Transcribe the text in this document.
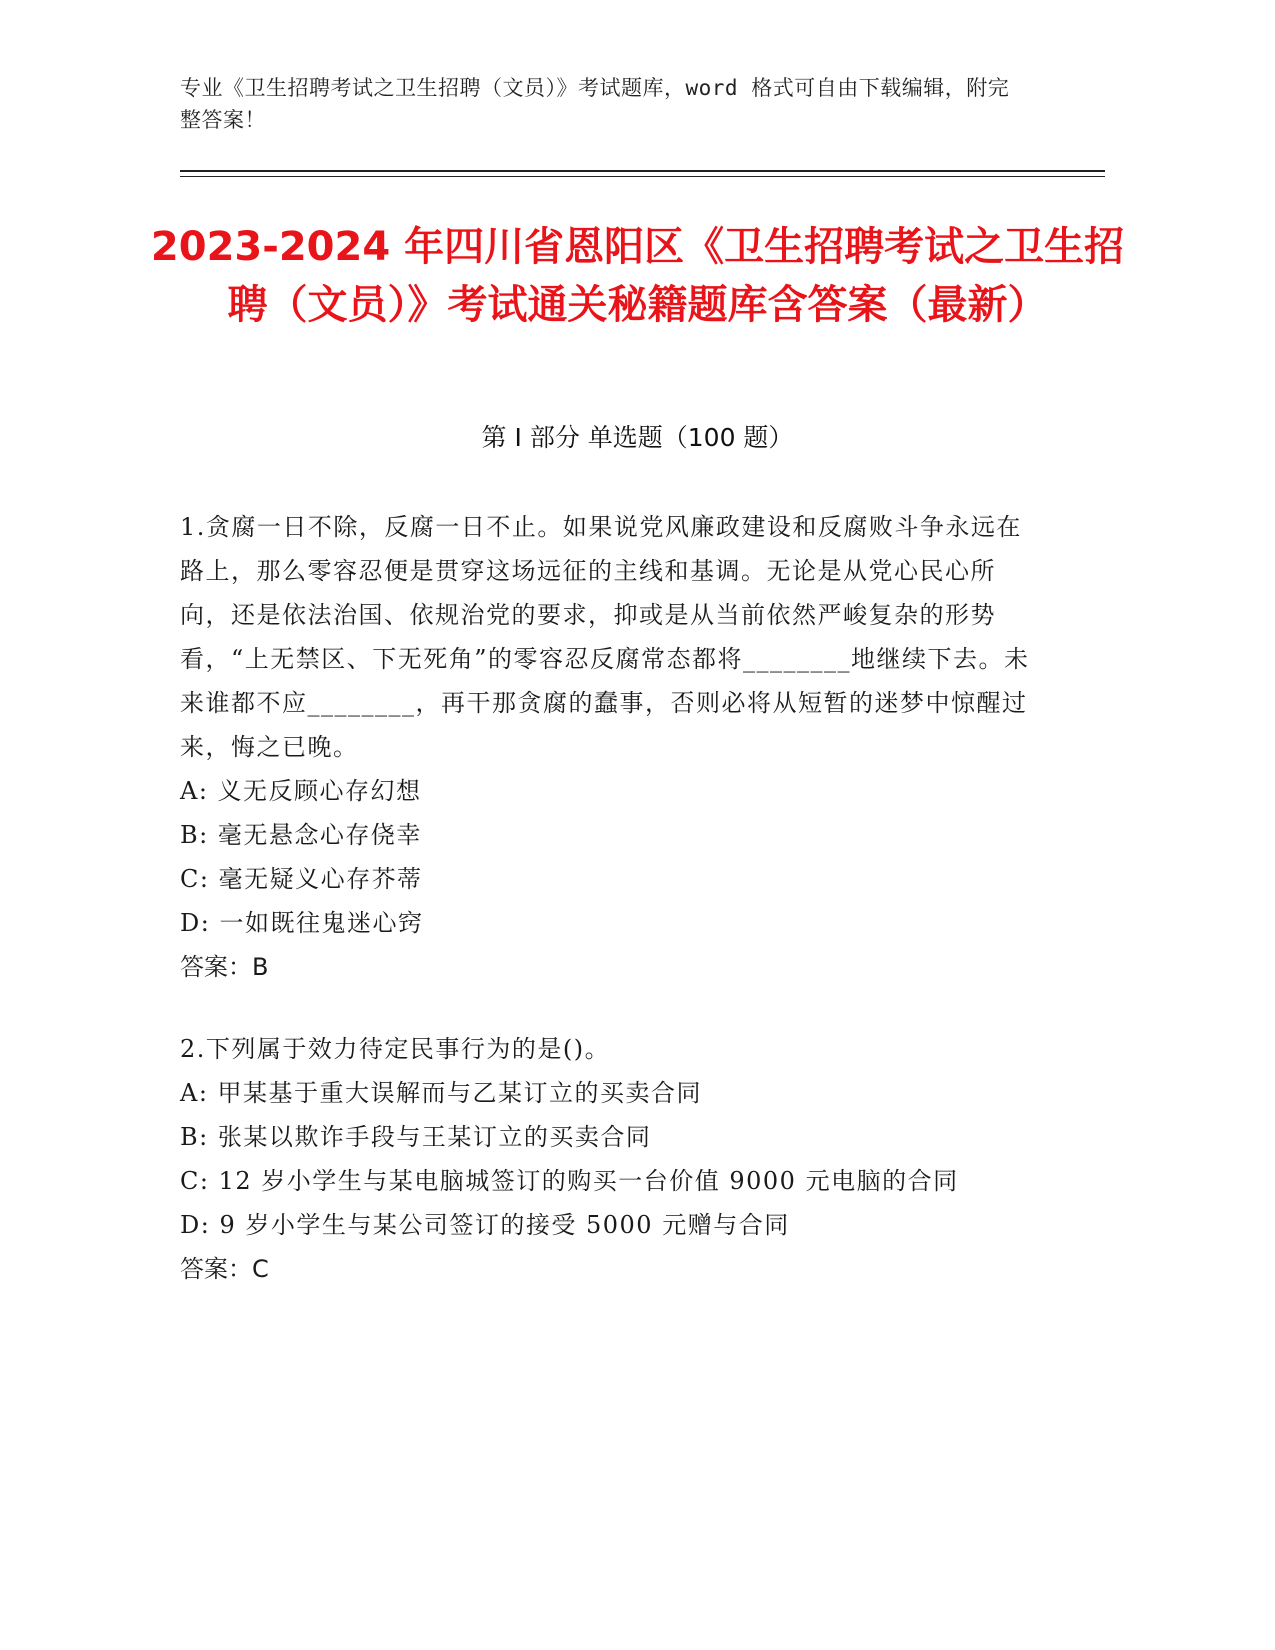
专业《卫生招聘考试之卫生招聘（文员）》考试题库，word 格式可自由下载编辑，附完整答案！
2023-2024 年四川省恩阳区《卫生招聘考试之卫生招聘（文员）》考试通关秘籍题库含答案（最新）
第 I 部分 单选题（100 题）

1.贪腐一日不除，反腐一日不止。如果说党风廉政建设和反腐败斗争永远在路上，那么零容忍便是贯穿这场远征的主线和基调。无论是从党心民心所向，还是依法治国、依规治党的要求，抑或是从当前依然严峻复杂的形势看，“上无禁区、下无死角”的零容忍反腐常态都将________地继续下去。未来谁都不应________，再干那贪腐的蠢事，否则必将从短暂的迷梦中惊醒过来，悔之已晚。

A: 义无反顾心存幻想

B: 毫无悬念心存侥幸

C: 毫无疑义心存芥蒂

D: 一如既往鬼迷心窍

答案：B

2.下列属于效力待定民事行为的是()。

A: 甲某基于重大误解而与乙某订立的买卖合同

B: 张某以欺诈手段与王某订立的买卖合同

C: 12 岁小学生与某电脑城签订的购买一台价值 9000 元电脑的合同

D: 9 岁小学生与某公司签订的接受 5000 元赠与合同

答案：C
